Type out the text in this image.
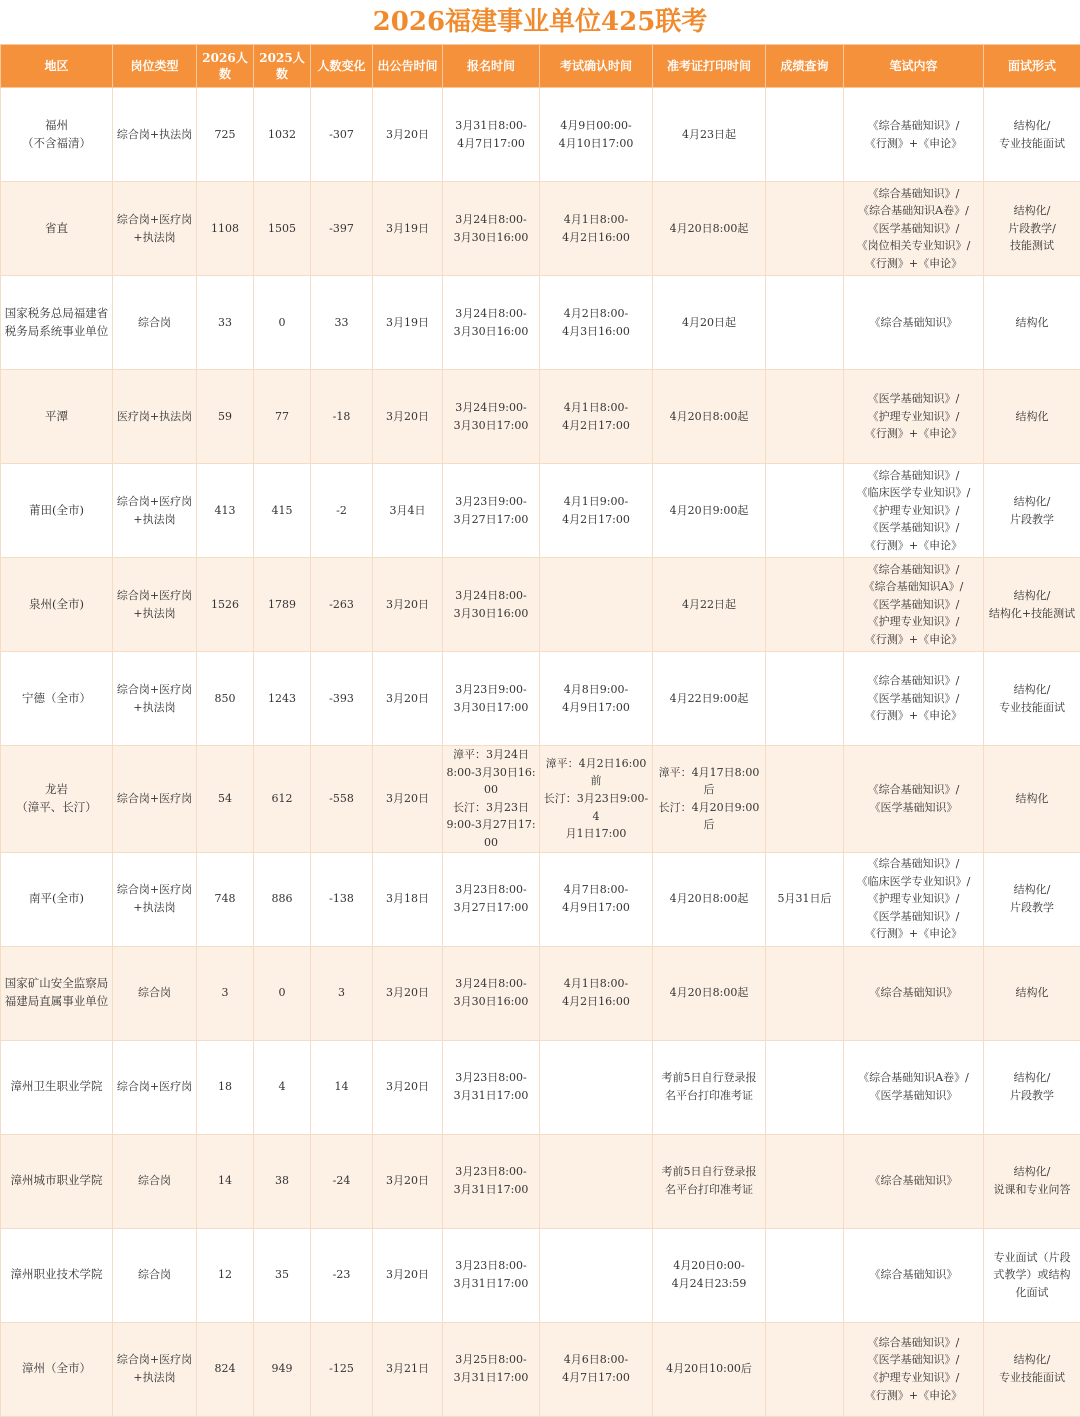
2026福建事业单位425联考
地区	岗位类型	2026人数	2025人数	人数变化	出公告时间	报名时间	考试确认时间	准考证打印时间	成绩查询	笔试内容	面试形式
福州
（不含福清）	综合岗+执法岗	725	1032	-307	3月20日	3月31日8:00-
4月7日17:00	4月9日00:00-
4月10日17:00	4月23日起		《综合基础知识》/
《行测》+《申论》	结构化/
专业技能面试
省直	综合岗+医疗岗
+执法岗	1108	1505	-397	3月19日	3月24日8:00-
3月30日16:00	4月1日8:00-
4月2日16:00	4月20日8:00起		《综合基础知识》/
《综合基础知识A卷》/
《医学基础知识》/
《岗位相关专业知识》/
《行测》+《申论》	结构化/
片段教学/
技能测试
国家税务总局福建省
税务局系统事业单位	综合岗	33	0	33	3月19日	3月24日8:00-
3月30日16:00	4月2日8:00-
4月3日16:00	4月20日起		《综合基础知识》	结构化
平潭	医疗岗+执法岗	59	77	-18	3月20日	3月24日9:00-
3月30日17:00	4月1日8:00-
4月2日17:00	4月20日8:00起		《医学基础知识》/
《护理专业知识》/
《行测》+《申论》	结构化
莆田(全市)	综合岗+医疗岗
+执法岗	413	415	-2	3月4日	3月23日9:00-
3月27日17:00	4月1日9:00-
4月2日17:00	4月20日9:00起		《综合基础知识》/
《临床医学专业知识》/
《护理专业知识》/
《医学基础知识》/
《行测》+《申论》	结构化/
片段教学
泉州(全市)	综合岗+医疗岗
+执法岗	1526	1789	-263	3月20日	3月24日8:00-
3月30日16:00		4月22日起		《综合基础知识》/
《综合基础知识A》/
《医学基础知识》/
《护理专业知识》/
《行测》+《申论》	结构化/
结构化+技能测试
宁德（全市）	综合岗+医疗岗
+执法岗	850	1243	-393	3月20日	3月23日9:00-
3月30日17:00	4月8日9:00-
4月9日17:00	4月22日9:00起		《综合基础知识》/
《医学基础知识》/
《行测》+《申论》	结构化/
专业技能面试
龙岩
（漳平、长汀）	综合岗+医疗岗	54	612	-558	3月20日	漳平：3月24日
8:00-3月30日16:00
长汀：3月23日
9:00-3月27日17:00	漳平：4月2日16:00前
长汀：3月23日9:00-4
月1日17:00	漳平：4月17日8:00后
长汀：4月20日9:00后		《综合基础知识》/
《医学基础知识》	结构化
南平(全市)	综合岗+医疗岗
+执法岗	748	886	-138	3月18日	3月23日8:00-
3月27日17:00	4月7日8:00-
4月9日17:00	4月20日8:00起	5月31日后	《综合基础知识》/
《临床医学专业知识》/
《护理专业知识》/
《医学基础知识》/
《行测》+《申论》	结构化/
片段教学
国家矿山安全监察局
福建局直属事业单位	综合岗	3	0	3	3月20日	3月24日8:00-
3月30日16:00	4月1日8:00-
4月2日16:00	4月20日8:00起		《综合基础知识》	结构化
漳州卫生职业学院	综合岗+医疗岗	18	4	14	3月20日	3月23日8:00-
3月31日17:00		考前5日自行登录报
名平台打印准考证		《综合基础知识A卷》/
《医学基础知识》	结构化/
片段教学
漳州城市职业学院	综合岗	14	38	-24	3月20日	3月23日8:00-
3月31日17:00		考前5日自行登录报
名平台打印准考证		《综合基础知识》	结构化/
说课和专业问答
漳州职业技术学院	综合岗	12	35	-23	3月20日	3月23日8:00-
3月31日17:00		4月20日0:00-
4月24日23:59		《综合基础知识》	专业面试（片段
式教学）或结构
化面试
漳州（全市）	综合岗+医疗岗
+执法岗	824	949	-125	3月21日	3月25日8:00-
3月31日17:00	4月6日8:00-
4月7日17:00	4月20日10:00后		《综合基础知识》/
《医学基础知识》/
《护理专业知识》/
《行测》+《申论》	结构化/
专业技能面试
